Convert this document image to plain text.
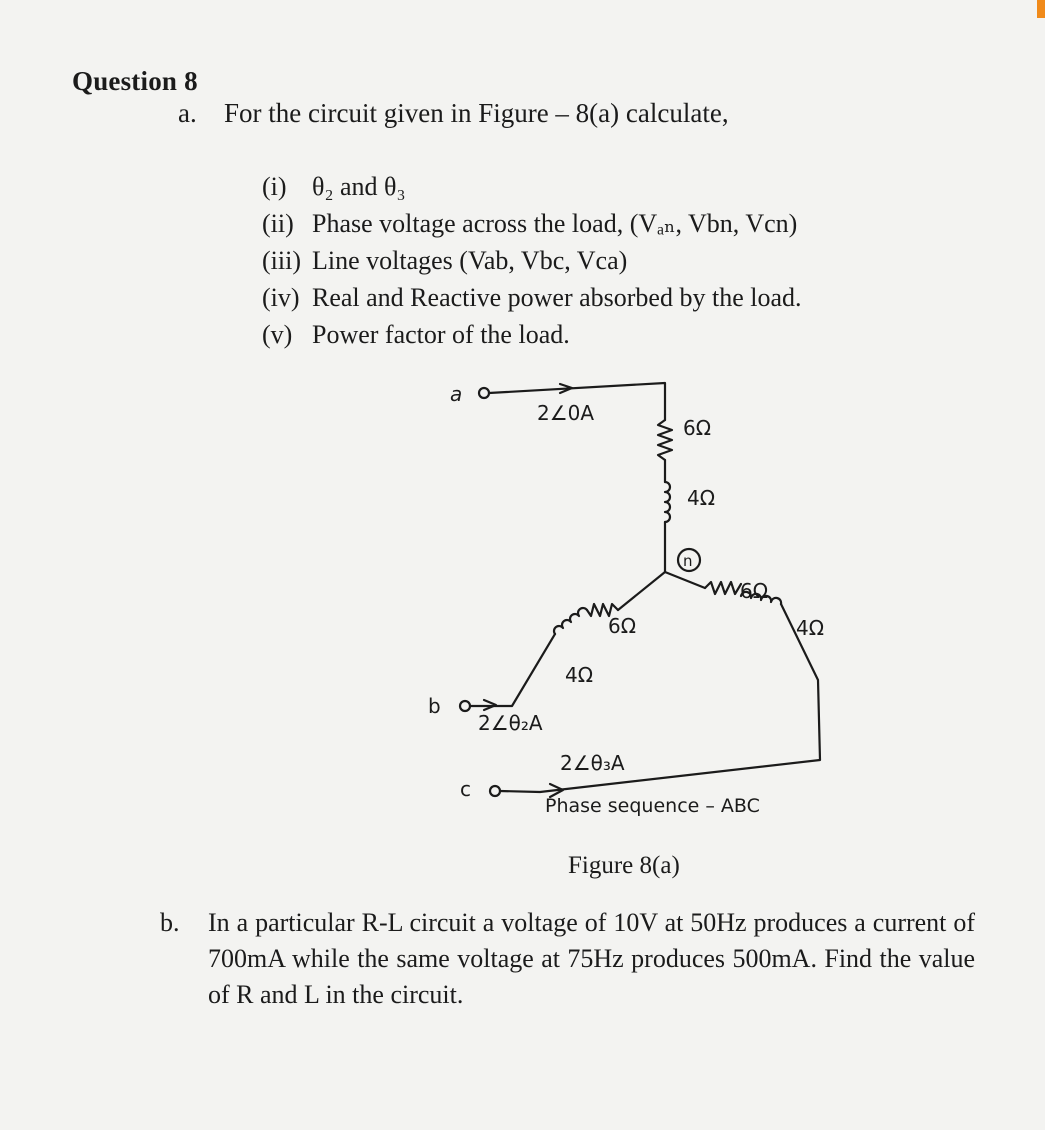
Question 8
a. For the circuit given in Figure – 8(a) calculate,
(i) θ₂ and θ₃
(ii) Phase voltage across the load, (Vₐₙ, Vbn, Vcn)
(iii) Line voltages (Vab, Vbc, Vca)
(iv) Real and Reactive power absorbed by the load.
(v) Power factor of the load.
a
b
c
n
2∠0A
2∠θ₂A
2∠θ₃A
6Ω
4Ω
6Ω
4Ω
6Ω
4Ω
Phase sequence – ABC
Figure 8(a)
b.	In a particular R-L circuit a voltage of 10V at 50Hz produces a current of 700mA while the same voltage at 75Hz produces 500mA. Find the value of R and L in the circuit.
